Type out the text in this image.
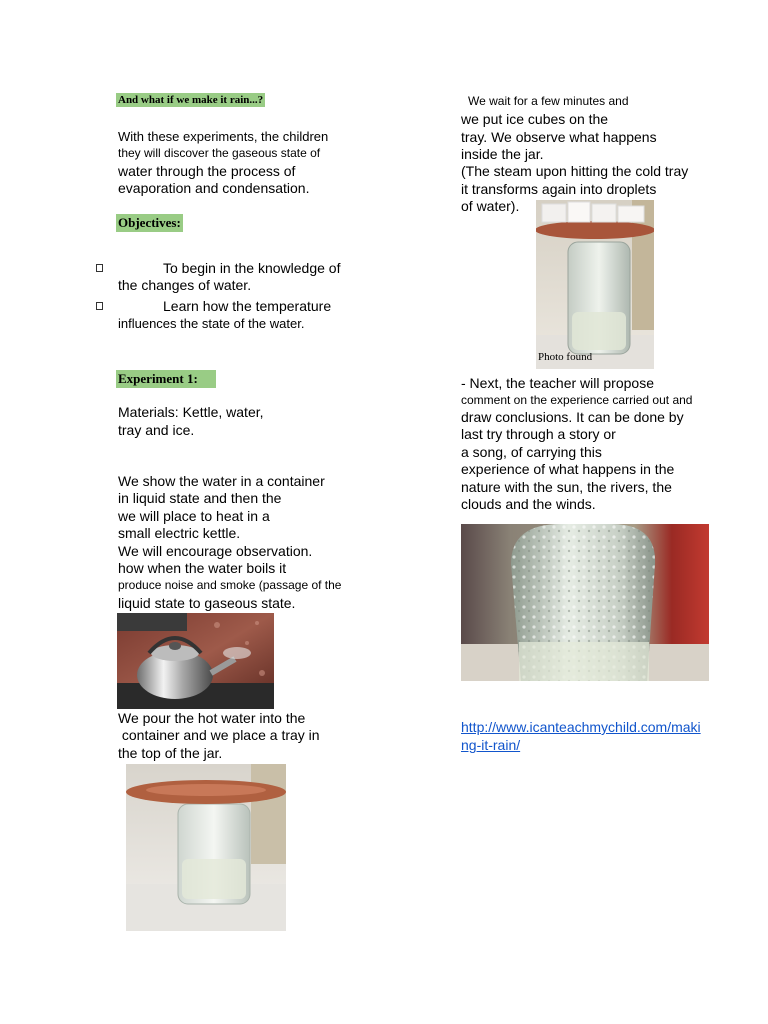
And what if we make it rain...?
With these experiments, the children
they will discover the gaseous state of
water through the process of
evaporation and condensation.
Objectives:
To begin in the knowledge of
the changes of water.
Learn how the temperature
influences the state of the water.
Experiment 1:
Materials: Kettle, water,
tray and ice.
We show the water in a container
in liquid state and then the
we will place to heat in a
small electric kettle.
We will encourage observation.
how when the water boils it
produce noise and smoke (passage of the
liquid state to gaseous state.
We pour the hot water into the
container and we place a tray in
the top of the jar.
We wait for a few minutes and
we put ice cubes on the
tray. We observe what happens
inside the jar.
(The steam upon hitting the cold tray
it transforms again into droplets
of water).
Photo found
- Next, the teacher will propose
comment on the experience carried out and
draw conclusions. It can be done by
last try through a story or
a song, of carrying this
experience of what happens in the
nature with the sun, the rivers, the
clouds and the winds.
http://www.icanteachmychild.com/maki
ng-it-rain/
